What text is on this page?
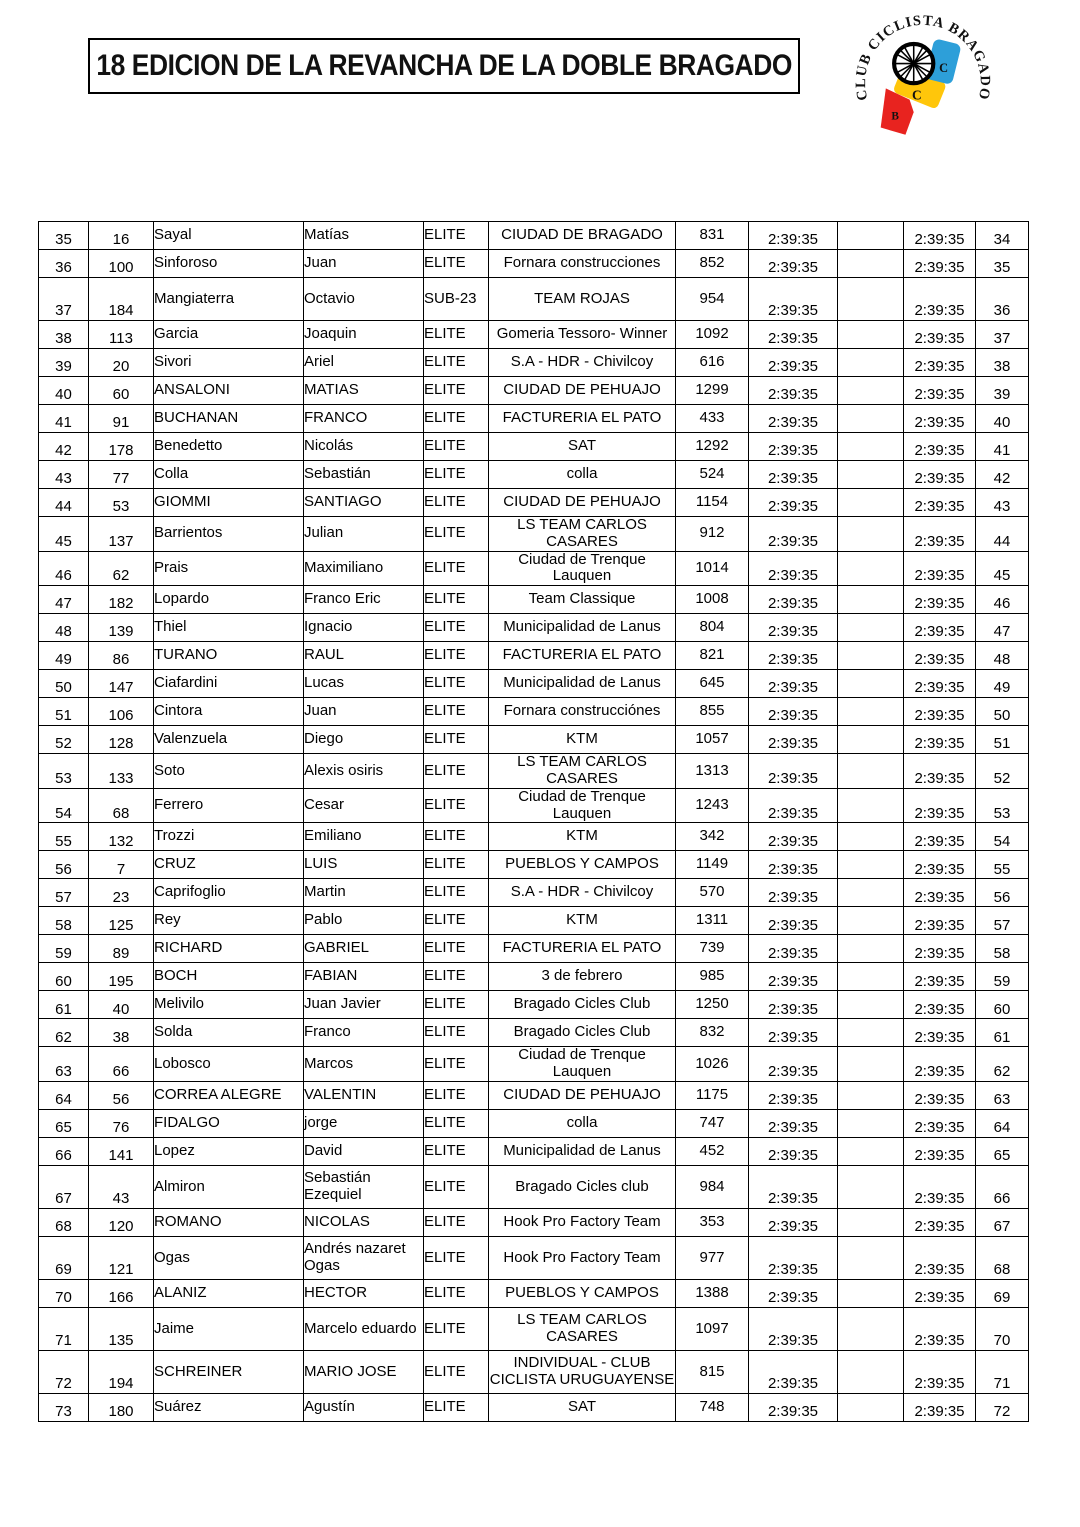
18 EDICION DE LA REVANCHA DE LA DOBLE BRAGADO
CLUB CICLISTA BRAGADO
C
C
B
35	16	Sayal	Matías	ELITE	CIUDAD DE BRAGADO	831	2:39:35		2:39:35	34
36	100	Sinforoso	Juan	ELITE	Fornara construcciones	852	2:39:35		2:39:35	35
37	184	Mangiaterra	Octavio	SUB-23	TEAM ROJAS	954	2:39:35		2:39:35	36
38	113	Garcia	Joaquin	ELITE	Gomeria Tessoro- Winner	1092	2:39:35		2:39:35	37
39	20	Sivori	Ariel	ELITE	S.A - HDR - Chivilcoy	616	2:39:35		2:39:35	38
40	60	ANSALONI	MATIAS	ELITE	CIUDAD DE PEHUAJO	1299	2:39:35		2:39:35	39
41	91	BUCHANAN	FRANCO	ELITE	FACTURERIA EL PATO	433	2:39:35		2:39:35	40
42	178	Benedetto	Nicolás	ELITE	SAT	1292	2:39:35		2:39:35	41
43	77	Colla	Sebastián	ELITE	colla	524	2:39:35		2:39:35	42
44	53	GIOMMI	SANTIAGO	ELITE	CIUDAD DE PEHUAJO	1154	2:39:35		2:39:35	43
45	137	Barrientos	Julian	ELITE	LS TEAM CARLOS CASARES	912	2:39:35		2:39:35	44
46	62	Prais	Maximiliano	ELITE	Ciudad de Trenque Lauquen	1014	2:39:35		2:39:35	45
47	182	Lopardo	Franco Eric	ELITE	Team Classique	1008	2:39:35		2:39:35	46
48	139	Thiel	Ignacio	ELITE	Municipalidad de Lanus	804	2:39:35		2:39:35	47
49	86	TURANO	RAUL	ELITE	FACTURERIA EL PATO	821	2:39:35		2:39:35	48
50	147	Ciafardini	Lucas	ELITE	Municipalidad de Lanus	645	2:39:35		2:39:35	49
51	106	Cintora	Juan	ELITE	Fornara construcciónes	855	2:39:35		2:39:35	50
52	128	Valenzuela	Diego	ELITE	KTM	1057	2:39:35		2:39:35	51
53	133	Soto	Alexis osiris	ELITE	LS TEAM CARLOS CASARES	1313	2:39:35		2:39:35	52
54	68	Ferrero	Cesar	ELITE	Ciudad de Trenque Lauquen	1243	2:39:35		2:39:35	53
55	132	Trozzi	Emiliano	ELITE	KTM	342	2:39:35		2:39:35	54
56	7	CRUZ	LUIS	ELITE	PUEBLOS Y CAMPOS	1149	2:39:35		2:39:35	55
57	23	Caprifoglio	Martin	ELITE	S.A - HDR - Chivilcoy	570	2:39:35		2:39:35	56
58	125	Rey	Pablo	ELITE	KTM	1311	2:39:35		2:39:35	57
59	89	RICHARD	GABRIEL	ELITE	FACTURERIA EL PATO	739	2:39:35		2:39:35	58
60	195	BOCH	FABIAN	ELITE	3 de febrero	985	2:39:35		2:39:35	59
61	40	Melivilo	Juan Javier	ELITE	Bragado Cicles Club	1250	2:39:35		2:39:35	60
62	38	Solda	Franco	ELITE	Bragado Cicles Club	832	2:39:35		2:39:35	61
63	66	Lobosco	Marcos	ELITE	Ciudad de Trenque Lauquen	1026	2:39:35		2:39:35	62
64	56	CORREA ALEGRE	VALENTIN	ELITE	CIUDAD DE PEHUAJO	1175	2:39:35		2:39:35	63
65	76	FIDALGO	jorge	ELITE	colla	747	2:39:35		2:39:35	64
66	141	Lopez	David	ELITE	Municipalidad de Lanus	452	2:39:35		2:39:35	65
67	43	Almiron	Sebastián Ezequiel	ELITE	Bragado Cicles club	984	2:39:35		2:39:35	66
68	120	ROMANO	NICOLAS	ELITE	Hook Pro Factory Team	353	2:39:35		2:39:35	67
69	121	Ogas	Andrés nazaret Ogas	ELITE	Hook Pro Factory Team	977	2:39:35		2:39:35	68
70	166	ALANIZ	HECTOR	ELITE	PUEBLOS Y CAMPOS	1388	2:39:35		2:39:35	69
71	135	Jaime	Marcelo eduardo	ELITE	LS TEAM CARLOS CASARES	1097	2:39:35		2:39:35	70
72	194	SCHREINER	MARIO JOSE	ELITE	INDIVIDUAL - CLUB CICLISTA URUGUAYENSE	815	2:39:35		2:39:35	71
73	180	Suárez	Agustín	ELITE	SAT	748	2:39:35		2:39:35	72
